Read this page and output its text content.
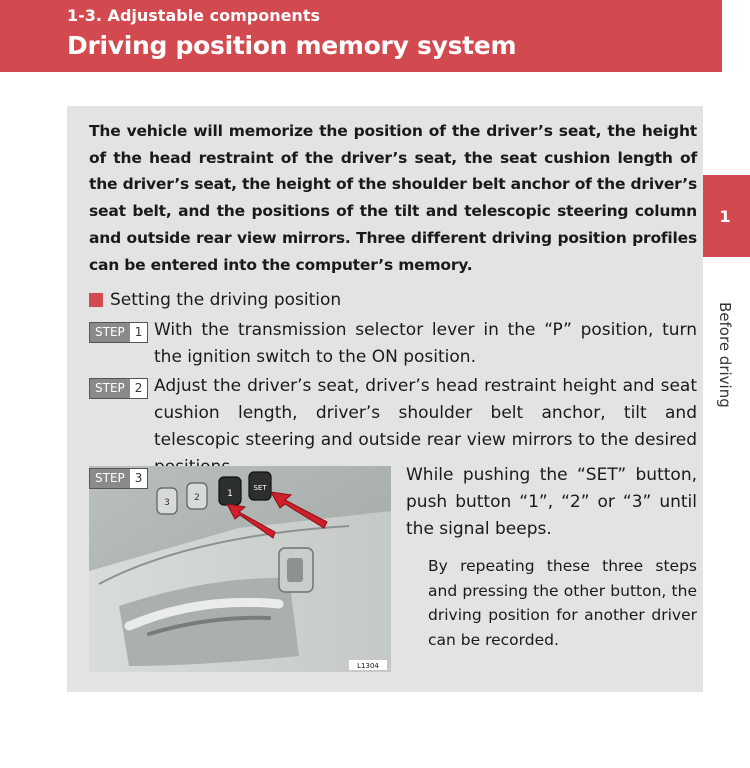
1-3. Adjustable components
Driving position memory system
1
Before driving
The vehicle will memorize the position of the driver’s seat, the height of the head restraint of the driver’s seat, the seat cushion length of the driver’s seat, the height of the shoulder belt anchor of the driver’s seat belt, and the positions of the tilt and telescopic steering column and outside rear view mirrors. Three different driving position profiles can be entered into the computer’s memory.
Setting the driving position
STEP 1 With the transmission selector lever in the “P” position, turn the ignition switch to the ON position.
STEP 2 Adjust the driver’s seat, driver’s head restraint height and seat cushion length, driver’s shoulder belt anchor, tilt and telescopic steering and outside rear view mirrors to the desired
3	2	1
SET
L1304
STEP 3	While pushing the “SET” button, push button “1”, “2” or “3” until the signal beeps.
By repeating these three steps and pressing the other button, the driving position for another driver can be recorded.
